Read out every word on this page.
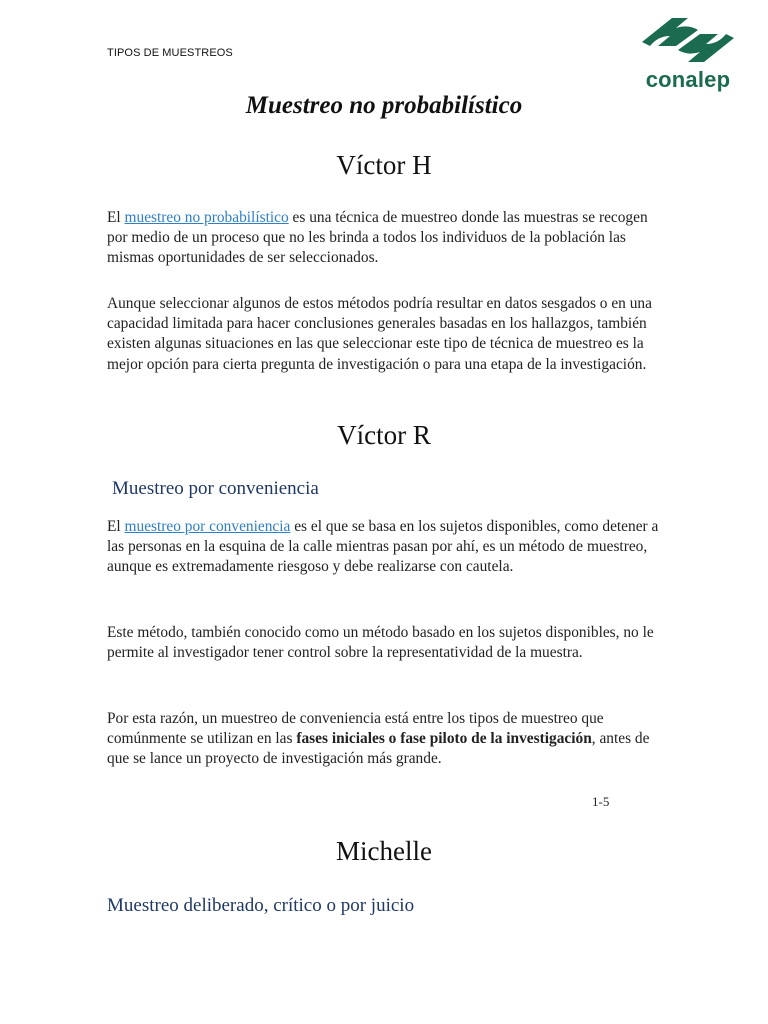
TIPOS DE MUESTREOS
conalep
Muestreo no probabilístico
Víctor H
El muestreo no probabilístico es una técnica de muestreo donde las muestras se recogen por medio de un proceso que no les brinda a todos los individuos de la población las mismas oportunidades de ser seleccionados.
Aunque seleccionar algunos de estos métodos podría resultar en datos sesgados o en una capacidad limitada para hacer conclusiones generales basadas en los hallazgos, también existen algunas situaciones en las que seleccionar este tipo de técnica de muestreo es la mejor opción para cierta pregunta de investigación o para una etapa de la investigación.
Víctor R
Muestreo por conveniencia
El muestreo por conveniencia es el que se basa en los sujetos disponibles, como detener a las personas en la esquina de la calle mientras pasan por ahí, es un método de muestreo, aunque es extremadamente riesgoso y debe realizarse con cautela.
Este método, también conocido como un método basado en los sujetos disponibles, no le permite al investigador tener control sobre la representatividad de la muestra.
Por esta razón, un muestreo de conveniencia está entre los tipos de muestreo que comúnmente se utilizan en las fases iniciales o fase piloto de la investigación, antes de que se lance un proyecto de investigación más grande.
1-5
Michelle
Muestreo deliberado, crítico o por juicio
